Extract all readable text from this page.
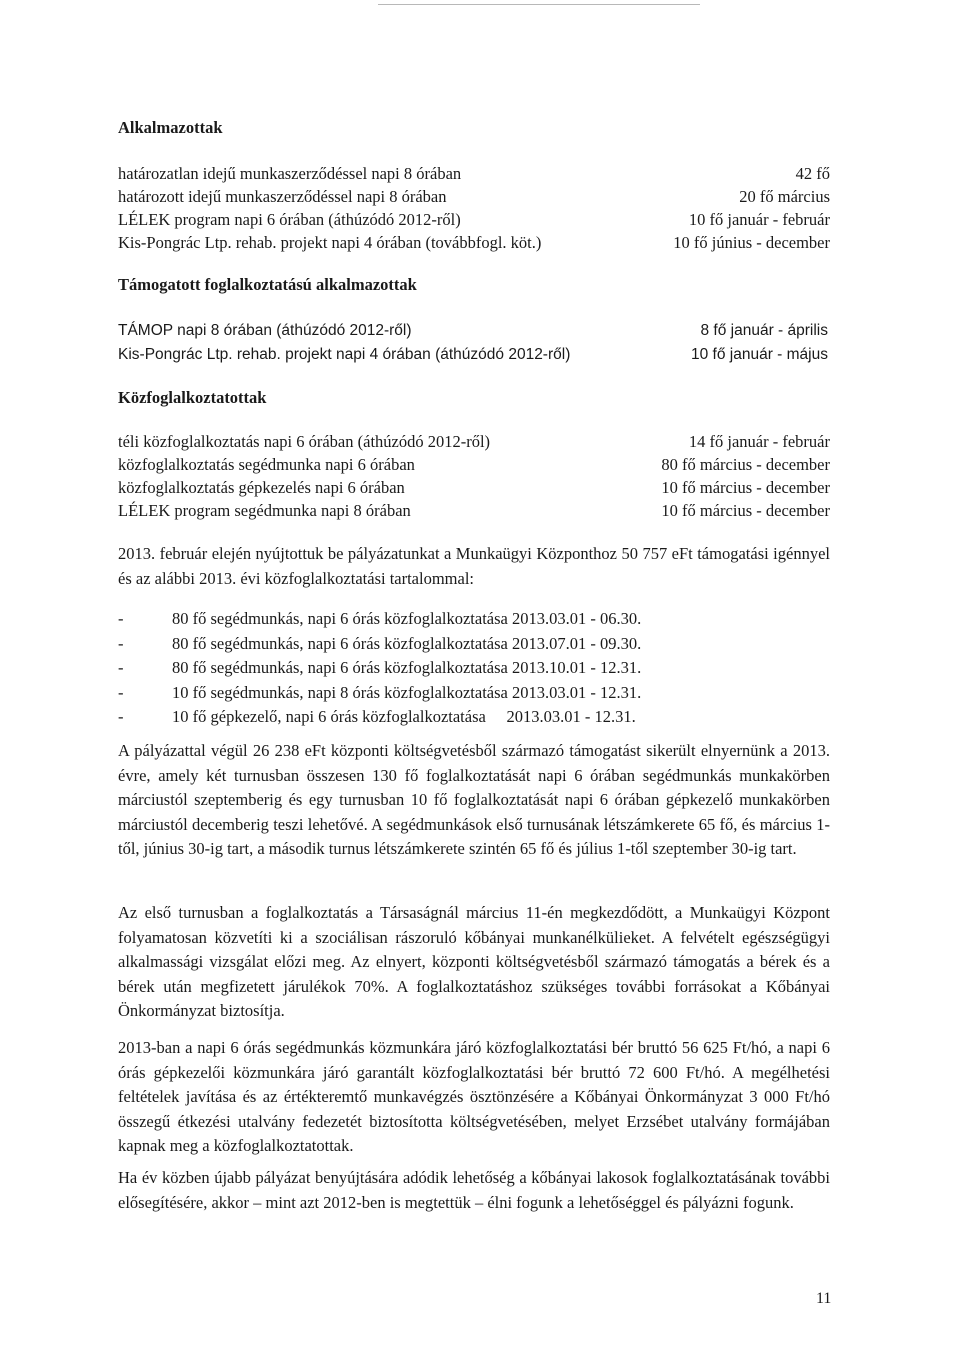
Alkalmazottak
határozatlan idejű munkaszerződéssel napi 8 órában	42 fő
határozott idejű munkaszerződéssel napi 8 órában	20 fő március
LÉLEK program napi 6 órában (áthúzódó 2012-ről)	10 fő január - február
Kis-Pongrác Ltp. rehab. projekt napi 4 órában (továbbfogl. köt.)	10 fő június - december
Támogatott foglalkoztatású alkalmazottak
TÁMOP napi 8 órában (áthúzódó 2012-ről)	8 fő január - április
Kis-Pongrác Ltp. rehab. projekt napi 4 órában (áthúzódó 2012-ről)	10 fő január - május
Közfoglalkoztatottak
téli közfoglalkoztatás napi 6 órában (áthúzódó 2012-ről)	14 fő január - február
közfoglalkoztatás segédmunka napi 6 órában	80 fő március - december
közfoglalkoztatás gépkezelés napi 6 órában	10 fő március - december
LÉLEK program segédmunka napi 8 órában	10 fő március - december

2013. február elején nyújtottuk be pályázatunkat a Munkaügyi Központhoz 50 757 eFt támogatási igénnyel és az alábbi 2013. évi közfoglalkoztatási tartalommal:

-	80 fő segédmunkás, napi 6 órás közfoglalkoztatása 2013.03.01 - 06.30.
-	80 fő segédmunkás, napi 6 órás közfoglalkoztatása 2013.07.01 - 09.30.
-	80 fő segédmunkás, napi 6 órás közfoglalkoztatása 2013.10.01 - 12.31.
-	10 fő segédmunkás, napi 8 órás közfoglalkoztatása 2013.03.01 - 12.31.
-	10 fő gépkezelő, napi 6 órás közfoglalkoztatása     2013.03.01 - 12.31.

A pályázattal végül 26 238 eFt központi költségvetésből származó támogatást sikerült elnyernünk a 2013. évre, amely két turnusban összesen 130 fő foglalkoztatását napi 6 órában segédmunkás munkakörben márciustól szeptemberig és egy turnusban 10 fő foglalkoztatását napi 6 órában gépkezelő munkakörben márciustól decemberig teszi lehetővé. A segédmunkások első turnusának létszámkerete 65 fő, és március 1-től, június 30-ig tart, a második turnus létszámkerete szintén 65 fő és július 1-től szeptember 30-ig tart.

Az első turnusban a foglalkoztatás a Társaságnál március 11-én megkezdődött, a Munkaügyi Központ folyamatosan közvetíti ki a szociálisan rászoruló kőbányai munkanélkülieket. A felvételt egészségügyi alkalmassági vizsgálat előzi meg. Az elnyert, központi költségvetésből származó támogatás a bérek és a bérek után megfizetett járulékok 70%. A foglalkoztatáshoz szükséges további forrásokat a Kőbányai Önkormányzat biztosítja.

2013-ban a napi 6 órás segédmunkás közmunkára járó közfoglalkoztatási bér bruttó 56 625 Ft/hó, a napi 6 órás gépkezelői közmunkára járó garantált közfoglalkoztatási bér bruttó 72 600 Ft/hó. A megélhetési feltételek javítása és az értékteremtő munkavégzés ösztönzésére a Kőbányai Önkormányzat 3 000 Ft/hó összegű étkezési utalvány fedezetét biztosította költségvetésében, melyet Erzsébet utalvány formájában kapnak meg a közfoglalkoztatottak.

Ha év közben újabb pályázat benyújtására adódik lehetőség a kőbányai lakosok foglalkoztatásának további elősegítésére, akkor – mint azt 2012-ben is megtettük – élni fogunk a lehetőséggel és pályázni fogunk.

11
